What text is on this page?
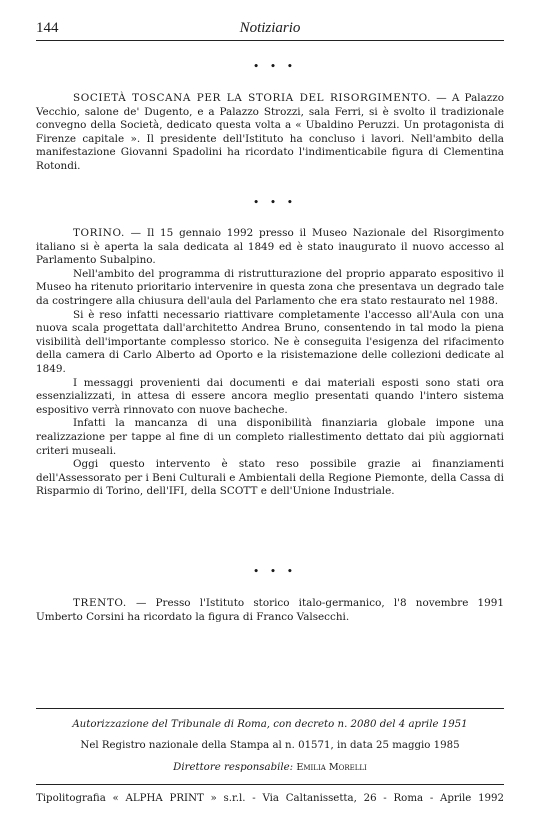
144	Notiziario
• • •

SOCIETÀ TOSCANA PER LA STORIA DEL RISORGIMENTO. — A Palazzo Vecchio, salone de' Dugento, e a Palazzo Strozzi, sala Ferri, si è svolto il tradizionale convegno della Società, dedicato questa volta a « Ubaldino Peruzzi. Un protagonista di Firenze capitale ». Il presidente dell'Istituto ha concluso i lavori. Nell'ambito della manifestazione Giovanni Spadolini ha ricordato l'indimenticabile figura di Clementina Rotondi.

• • •

TORINO. — Il 15 gennaio 1992 presso il Museo Nazionale del Risorgimento italiano si è aperta la sala dedicata al 1849 ed è stato inaugurato il nuovo accesso al Parlamento Subalpino.

Nell'ambito del programma di ristrutturazione del proprio apparato espositivo il Museo ha ritenuto prioritario intervenire in questa zona che presentava un degrado tale da costringere alla chiusura dell'aula del Parlamento che era stato restaurato nel 1988.

Si è reso infatti necessario riattivare completamente l'accesso all'Aula con una nuova scala progettata dall'architetto Andrea Bruno, consentendo in tal modo la piena visibilità dell'importante complesso storico. Ne è conseguita l'esigenza del rifacimento della camera di Carlo Alberto ad Oporto e la risistemazione delle collezioni dedicate al 1849.

I messaggi provenienti dai documenti e dai materiali esposti sono stati ora essenzializzati, in attesa di essere ancora meglio presentati quando l'intero sistema espositivo verrà rinnovato con nuove bacheche.

Infatti la mancanza di una disponibilità finanziaria globale impone una realizzazione per tappe al fine di un completo riallestimento dettato dai più aggiornati criteri museali.

Oggi questo intervento è stato reso possibile grazie ai finanziamenti dell'Assessorato per i Beni Culturali e Ambientali della Regione Piemonte, della Cassa di Risparmio di Torino, dell'IFI, della SCOTT e dell'Unione Industriale.

• • •

TRENTO. — Presso l'Istituto storico italo-germanico, l'8 novembre 1991 Umberto Corsini ha ricordato la figura di Franco Valsecchi.

Autorizzazione del Tribunale di Roma, con decreto n. 2080 del 4 aprile 1951
Nel Registro nazionale della Stampa al n. 01571, in data 25 maggio 1985
Direttore responsabile: Emilia Morelli
Tipolitografia « ALPHA PRINT » s.r.l. - Via Caltanissetta, 26 - Roma - Aprile 1992
